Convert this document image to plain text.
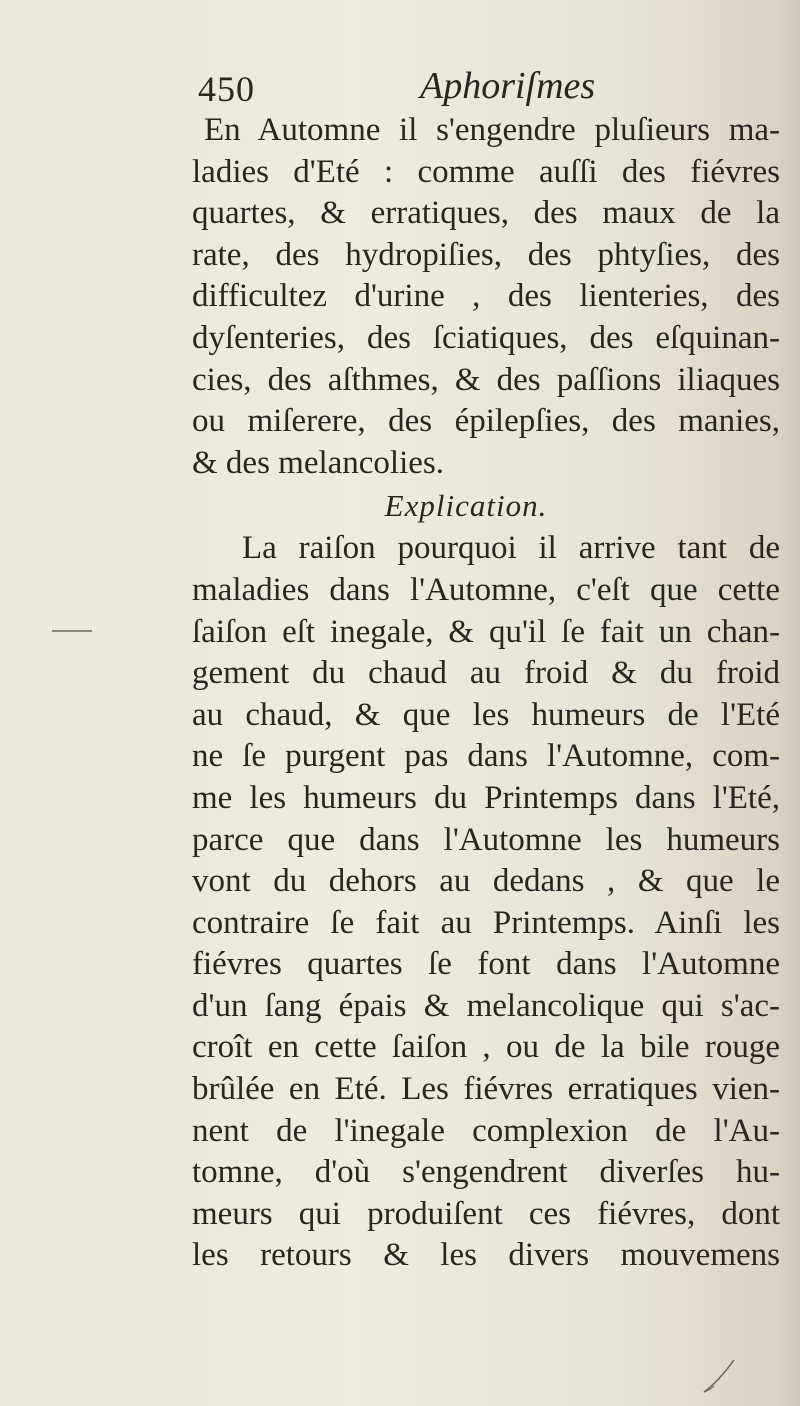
450	Aphoriſmes
En Automne il s'engendre pluſieurs ma-
ladies d'Eté : comme auſſi des fiévres
quartes, & erratiques, des maux de la
rate, des hydropiſies, des phtyſies, des
difficultez d'urine , des lienteries, des
dyſenteries, des ſciatiques, des eſquinan-
cies, des aſthmes, & des paſſions iliaques
ou miſerere, des épilepſies, des manies,
& des melancolies.
Explication.
La raiſon pourquoi il arrive tant de
maladies dans l'Automne, c'eſt que cette
ſaiſon eſt inegale, & qu'il ſe fait un chan-
gement du chaud au froid & du froid
au chaud, & que les humeurs de l'Eté
ne ſe purgent pas dans l'Automne, com-
me les humeurs du Printemps dans l'Eté,
parce que dans l'Automne les humeurs
vont du dehors au dedans , & que le
contraire ſe fait au Printemps. Ainſi les
fiévres quartes ſe font dans l'Automne
d'un ſang épais & melancolique qui s'ac-
croît en cette ſaiſon , ou de la bile rouge
brûlée en Eté. Les fiévres erratiques vien-
nent de l'inegale complexion de l'Au-
tomne, d'où s'engendrent diverſes hu-
meurs qui produiſent ces fiévres, dont
les retours & les divers mouvemens
